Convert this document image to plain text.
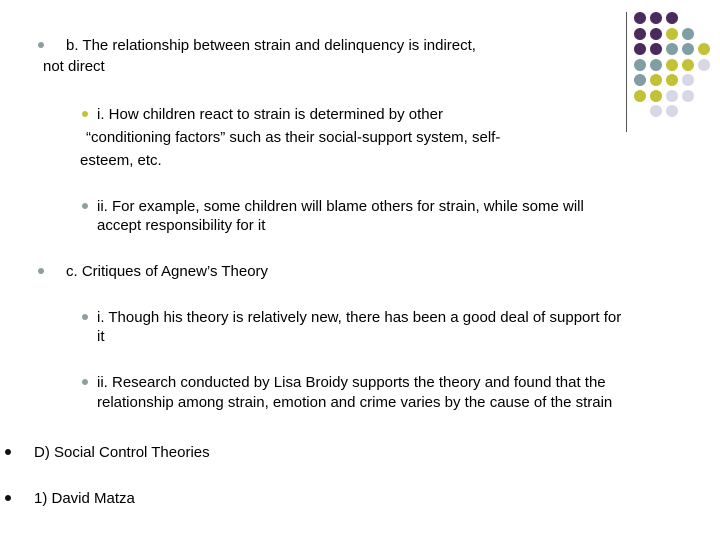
b. The relationship between strain and delinquency is indirect,
not direct
i. How children react to strain is determined by other
“conditioning factors” such as their social-support system, self-
esteem, etc.
ii. For example, some children will blame others for strain, while some will
accept responsibility for it
c. Critiques of Agnew’s Theory
i. Though his theory is relatively new, there has been a good deal of support for
it
ii. Research conducted by Lisa Broidy supports the theory and found that the
relationship among strain, emotion and crime varies by the cause of the strain
D) Social Control Theories
1) David Matza
